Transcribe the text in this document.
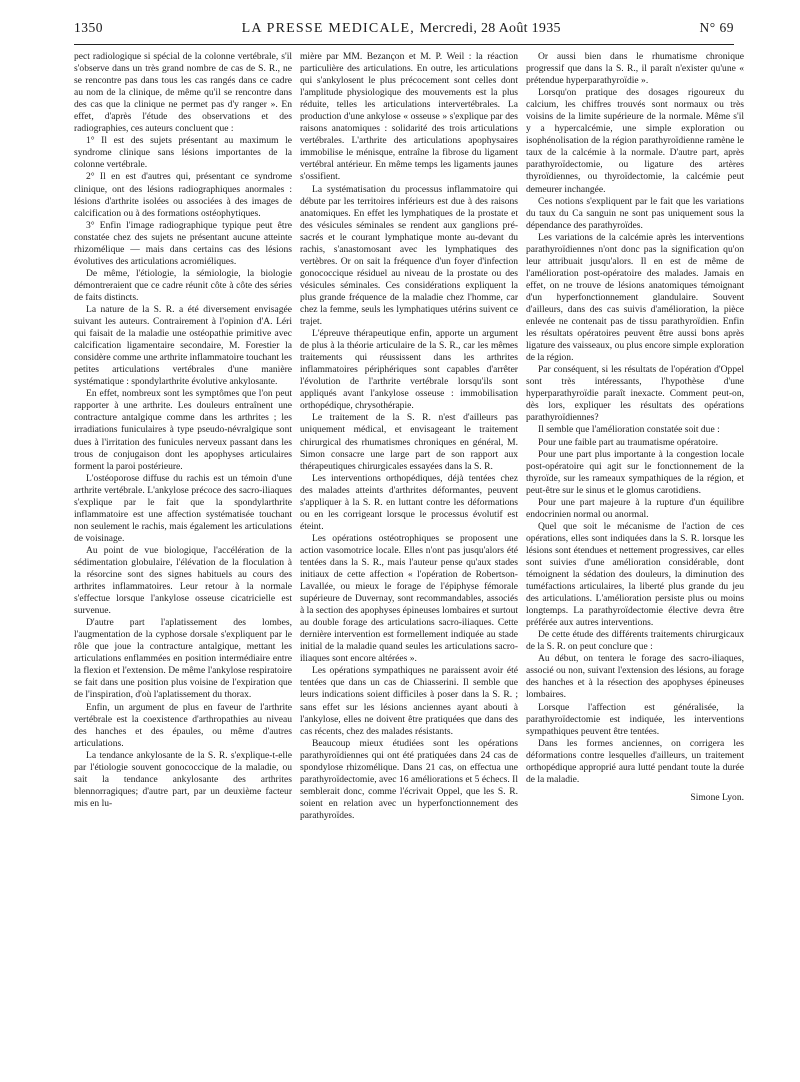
1350	LA PRESSE MEDICALE, Mercredi, 28 Août 1935	N° 69

pect radiologique si spécial de la colonne vertébrale, s'il s'observe dans un très grand nombre de cas de S. R., ne se rencontre pas dans tous les cas rangés dans ce cadre au nom de la clinique, de même qu'il se rencontre dans des cas que la clinique ne permet pas d'y ranger ». En effet, d'après l'étude des observations et des radiographies, ces auteurs concluent que :

1° Il est des sujets présentant au maximum le syndrome clinique sans lésions importantes de la colonne vertébrale.

2° Il en est d'autres qui, présentant ce syndrome clinique, ont des lésions radiographiques anormales : lésions d'arthrite isolées ou associées à des images de calcification ou à des formations ostéophytiques.

3° Enfin l'image radiographique typique peut être constatée chez des sujets ne présentant aucune atteinte rhizomélique — mais dans certains cas des lésions évolutives des articulations acromiéliques.

De même, l'étiologie, la sémiologie, la biologie démontreraient que ce cadre réunit côte à côte des séries de faits distincts.

La nature de la S. R. a été diversement envisagée suivant les auteurs. Contrairement à l'opinion d'A. Léri qui faisait de la maladie une ostéopathie primitive avec calcification ligamentaire secondaire, M. Forestier la considère comme une arthrite inflammatoire touchant les petites articulations vertébrales d'une manière systématique : spondylarthrite évolutive ankylosante.

En effet, nombreux sont les symptômes que l'on peut rapporter à une arthrite. Les douleurs entraînent une contracture antalgique comme dans les arthrites ; les irradiations funiculaires à type pseudo-névralgique sont dues à l'irritation des funicules nerveux passant dans les trous de conjugaison dont les apophyses articulaires forment la paroi postérieure.

L'ostéoporose diffuse du rachis est un témoin d'une arthrite vertébrale. L'ankylose précoce des sacro-iliaques s'explique par le fait que la spondylarthrite inflammatoire est une affection systématisée touchant non seulement le rachis, mais également les articulations de voisinage.

Au point de vue biologique, l'accélération de la sédimentation globulaire, l'élévation de la floculation à la résorcine sont des signes habituels au cours des arthrites inflammatoires. Leur retour à la normale s'effectue lorsque l'ankylose osseuse cicatricielle est survenue.

D'autre part l'aplatissement des lombes, l'augmentation de la cyphose dorsale s'expliquent par le rôle que joue la contracture antalgique, mettant les articulations enflammées en position intermédiaire entre la flexion et l'extension. De même l'ankylose respiratoire se fait dans une position plus voisine de l'expiration que de l'inspiration, d'où l'aplatissement du thorax.

Enfin, un argument de plus en faveur de l'arthrite vertébrale est la coexistence d'arthropathies au niveau des hanches et des épaules, ou même d'autres articulations.

La tendance ankylosante de la S. R. s'explique-t-elle par l'étiologie souvent gonococcique de la maladie, ou sait la tendance ankylosante des arthrites blennorragiques; d'autre part, par un deuxième facteur mis en lu-

mière par MM. Bezançon et M. P. Weil : la réaction particulière des articulations. En outre, les articulations qui s'ankylosent le plus précocement sont celles dont l'amplitude physiologique des mouvements est la plus réduite, telles les articulations intervertébrales. La production d'une ankylose « osseuse » s'explique par des raisons anatomiques : solidarité des trois articulations vertébrales. L'arthrite des articulations apophysaires immobilise le ménisque, entraîne la fibrose du ligament vertébral antérieur. En même temps les ligaments jaunes s'ossifient.

La systématisation du processus inflammatoire qui débute par les territoires inférieurs est due à des raisons anatomiques. En effet les lymphatiques de la prostate et des vésicules séminales se rendent aux ganglions pré-sacrés et le courant lymphatique monte au-devant du rachis, s'anastomosant avec les lymphatiques des vertèbres. Or on sait la fréquence d'un foyer d'infection gonococcique résiduel au niveau de la prostate ou des vésicules séminales. Ces considérations expliquent la plus grande fréquence de la maladie chez l'homme, car chez la femme, seuls les lymphatiques utérins suivent ce trajet.

L'épreuve thérapeutique enfin, apporte un argument de plus à la théorie articulaire de la S. R., car les mêmes traitements qui réussissent dans les arthrites inflammatoires périphériques sont capables d'arrêter l'évolution de l'arthrite vertébrale lorsqu'ils sont appliqués avant l'ankylose osseuse : immobilisation orthopédique, chrysothérapie.

Le traitement de la S. R. n'est d'ailleurs pas uniquement médical, et envisageant le traitement chirurgical des rhumatismes chroniques en général, M. Simon consacre une large part de son rapport aux thérapeutiques chirurgicales essayées dans la S. R.

Les interventions orthopédiques, déjà tentées chez des malades atteints d'arthrites déformantes, peuvent s'appliquer à la S. R. en luttant contre les déformations ou en les corrigeant lorsque le processus évolutif est éteint.

Les opérations ostéotrophiques se proposent une action vasomotrice locale. Elles n'ont pas jusqu'alors été tentées dans la S. R., mais l'auteur pense qu'aux stades initiaux de cette affection « l'opération de Robertson-Lavallée, ou mieux le forage de l'épiphyse fémorale supérieure de Duvernay, sont recommandables, associés à la section des apophyses épineuses lombaires et surtout au double forage des articulations sacro-iliaques. Cette dernière intervention est formellement indiquée au stade initial de la maladie quand seules les articulations sacro-iliaques sont encore altérées ».

Les opérations sympathiques ne paraissent avoir été tentées que dans un cas de Chiasserini. Il semble que leurs indications soient difficiles à poser dans la S. R. ; sans effet sur les lésions anciennes ayant abouti à l'ankylose, elles ne doivent être pratiquées que dans des cas récents, chez des malades résistants.

Beaucoup mieux étudiées sont les opérations parathyroïdiennes qui ont été pratiquées dans 24 cas de spondylose rhizomélique. Dans 21 cas, on effectua une parathyroïdectomie, avec 16 améliorations et 5 échecs. Il semblerait donc, comme l'écrivait Oppel, que les S. R. soient en relation avec un hyperfonctionnement des parathyroïdes.

Or aussi bien dans le rhumatisme chronique progressif que dans la S. R., il paraît n'exister qu'une « prétendue hyperparathyroïdie ».

Lorsqu'on pratique des dosages rigoureux du calcium, les chiffres trouvés sont normaux ou très voisins de la limite supérieure de la normale. Même s'il y a hypercalcémie, une simple exploration ou isophénolisation de la région parathyroïdienne ramène le taux de la calcémie à la normale. D'autre part, après parathyroïdectomie, ou ligature des artères thyroïdiennes, ou thyroïdectomie, la calcémie peut demeurer inchangée.

Ces notions s'expliquent par le fait que les variations du taux du Ca sanguin ne sont pas uniquement sous la dépendance des parathyroïdes.

Les variations de la calcémie après les interventions parathyroïdiennes n'ont donc pas la signification qu'on leur attribuait jusqu'alors. Il en est de même de l'amélioration post-opératoire des malades. Jamais en effet, on ne trouve de lésions anatomiques témoignant d'un hyperfonctionnement glandulaire. Souvent d'ailleurs, dans des cas suivis d'amélioration, la pièce enlevée ne contenait pas de tissu parathyroïdien. Enfin les résultats opératoires peuvent être aussi bons après ligature des vaisseaux, ou plus encore simple exploration de la région.

Par conséquent, si les résultats de l'opération d'Oppel sont très intéressants, l'hypothèse d'une hyperparathyroïdie paraît inexacte. Comment peut-on, dès lors, expliquer les résultats des opérations parathyroïdiennes?

Il semble que l'amélioration constatée soit due :

Pour une faible part au traumatisme opératoire.

Pour une part plus importante à la congestion locale post-opératoire qui agit sur le fonctionnement de la thyroïde, sur les rameaux sympathiques de la région, et peut-être sur le sinus et le glomus carotidiens.

Pour une part majeure à la rupture d'un équilibre endocrinien normal ou anormal.

Quel que soit le mécanisme de l'action de ces opérations, elles sont indiquées dans la S. R. lorsque les lésions sont étendues et nettement progressives, car elles sont suivies d'une amélioration considérable, dont témoignent la sédation des douleurs, la diminution des tuméfactions articulaires, la liberté plus grande du jeu des articulations. L'amélioration persiste plus ou moins longtemps. La parathyroïdectomie élective devra être préférée aux autres interventions.

De cette étude des différents traitements chirurgicaux de la S. R. on peut conclure que :

Au début, on tentera le forage des sacro-iliaques, associé ou non, suivant l'extension des lésions, au forage des hanches et à la résection des apophyses épineuses lombaires.

Lorsque l'affection est généralisée, la parathyroïdectomie est indiquée, les interventions sympathiques peuvent être tentées.

Dans les formes anciennes, on corrigera les déformations contre lesquelles d'ailleurs, un traitement orthopédique approprié aura lutté pendant toute la durée de la maladie.

Simone Lyon.
